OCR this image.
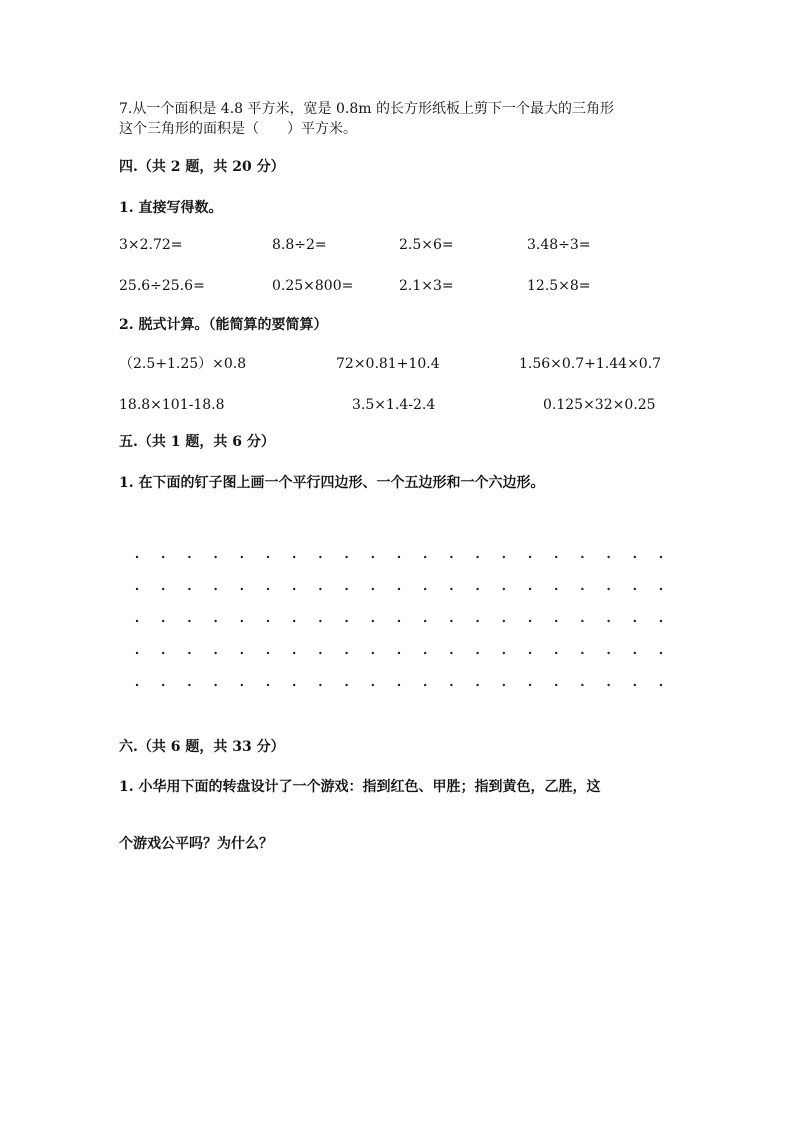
7.从一个面积是 4.8 平方米，宽是 0.8m 的长方形纸板上剪下一个最大的三角形
这个三角形的面积是（　　）平方米。
四.（共 2 题，共 20 分）
1. 直接写得数。
3×2.72=	8.8÷2=	2.5×6=	3.48÷3=
25.6÷25.6=	0.25×800=	2.1×3=	12.5×8=
2. 脱式计算。（能简算的要简算）
（2.5+1.25）×0.8	72×0.81+10.4	1.56×0.7+1.44×0.7
18.8×101-18.8	3.5×1.4-2.4	0.125×32×0.25
五.（共 1 题，共 6 分）
1. 在下面的钉子图上画一个平行四边形、一个五边形和一个六边形。
六.（共 6 题，共 33 分）
1. 小华用下面的转盘设计了一个游戏：指到红色、甲胜；指到黄色，乙胜，这
个游戏公平吗？为什么？
